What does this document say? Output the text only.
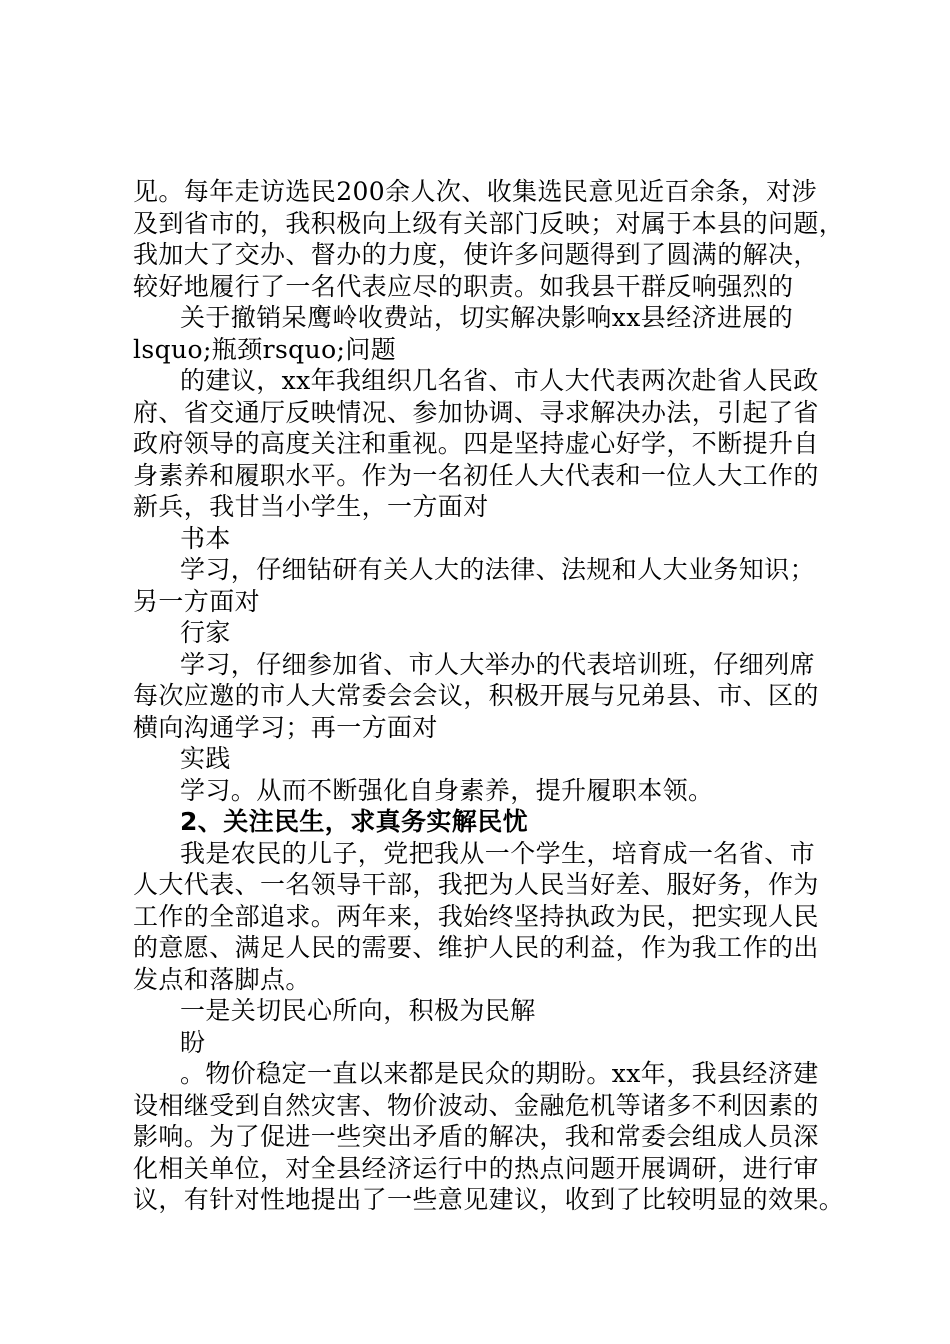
见。每年走访选民200余人次、收集选民意见近百余条，对涉
及到省市的，我积极向上级有关部门反映；对属于本县的问题，
我加大了交办、督办的力度，使许多问题得到了圆满的解决，
较好地履行了一名代表应尽的职责。如我县干群反响强烈的
关于撤销呆鹰岭收费站，切实解决影响xx县经济进展的
lsquo;瓶颈rsquo;问题
的建议，xx年我组织几名省、市人大代表两次赴省人民政
府、省交通厅反映情况、参加协调、寻求解决办法，引起了省
政府领导的高度关注和重视。四是坚持虚心好学，不断提升自
身素养和履职水平。作为一名初任人大代表和一位人大工作的
新兵，我甘当小学生，一方面对
书本
学习，仔细钻研有关人大的法律、法规和人大业务知识；
另一方面对
行家
学习，仔细参加省、市人大举办的代表培训班，仔细列席
每次应邀的市人大常委会会议，积极开展与兄弟县、市、区的
横向沟通学习；再一方面对
实践
学习。从而不断强化自身素养，提升履职本领。
2、关注民生，求真务实解民忧
我是农民的儿子，党把我从一个学生，培育成一名省、市
人大代表、一名领导干部，我把为人民当好差、服好务，作为
工作的全部追求。两年来，我始终坚持执政为民，把实现人民
的意愿、满足人民的需要、维护人民的利益，作为我工作的出
发点和落脚点。
一是关切民心所向，积极为民解
盼
。物价稳定一直以来都是民众的期盼。xx年，我县经济建
设相继受到自然灾害、物价波动、金融危机等诸多不利因素的
影响。为了促进一些突出矛盾的解决，我和常委会组成人员深
化相关单位，对全县经济运行中的热点问题开展调研，进行审
议，有针对性地提出了一些意见建议，收到了比较明显的效果。
